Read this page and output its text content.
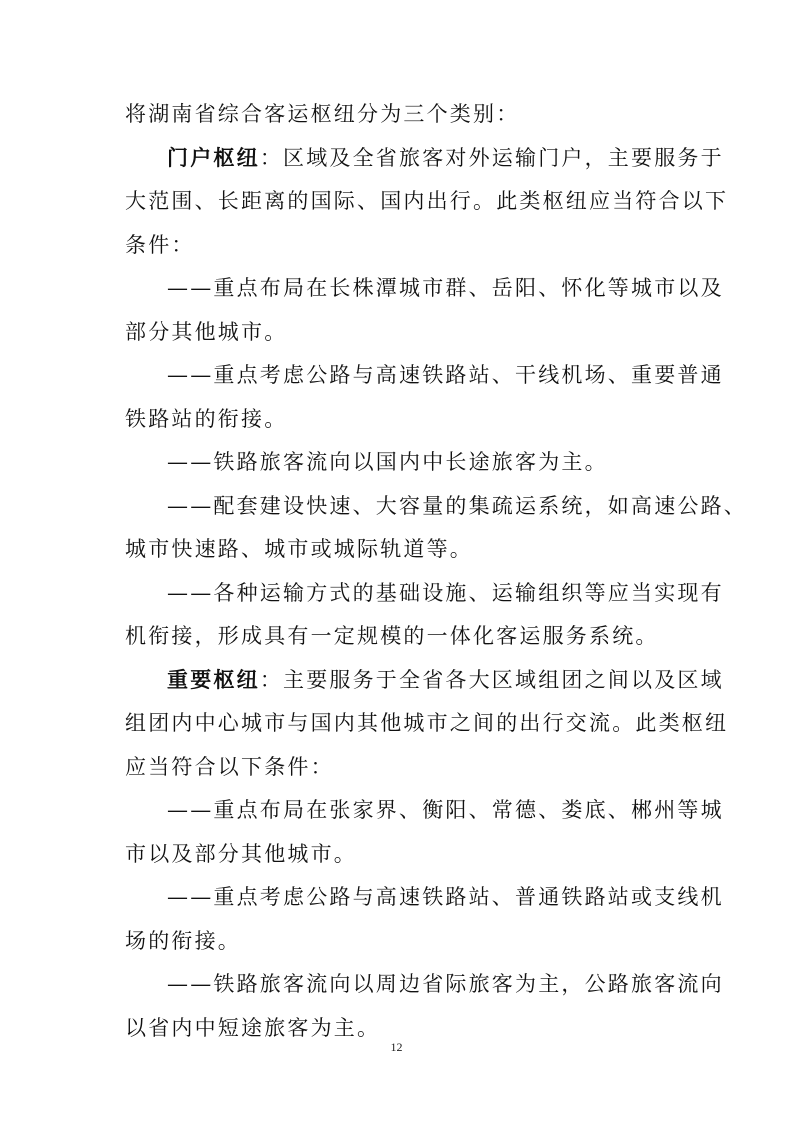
将湖南省综合客运枢纽分为三个类别：
门户枢纽：区域及全省旅客对外运输门户，主要服务于
大范围、长距离的国际、国内出行。此类枢纽应当符合以下
条件：
——重点布局在长株潭城市群、岳阳、怀化等城市以及
部分其他城市。
——重点考虑公路与高速铁路站、干线机场、重要普通
铁路站的衔接。
——铁路旅客流向以国内中长途旅客为主。
——配套建设快速、大容量的集疏运系统，如高速公路、
城市快速路、城市或城际轨道等。
——各种运输方式的基础设施、运输组织等应当实现有
机衔接，形成具有一定规模的一体化客运服务系统。
重要枢纽：主要服务于全省各大区域组团之间以及区域
组团内中心城市与国内其他城市之间的出行交流。此类枢纽
应当符合以下条件：
——重点布局在张家界、衡阳、常德、娄底、郴州等城
市以及部分其他城市。
——重点考虑公路与高速铁路站、普通铁路站或支线机
场的衔接。
——铁路旅客流向以周边省际旅客为主，公路旅客流向
以省内中短途旅客为主。
12
